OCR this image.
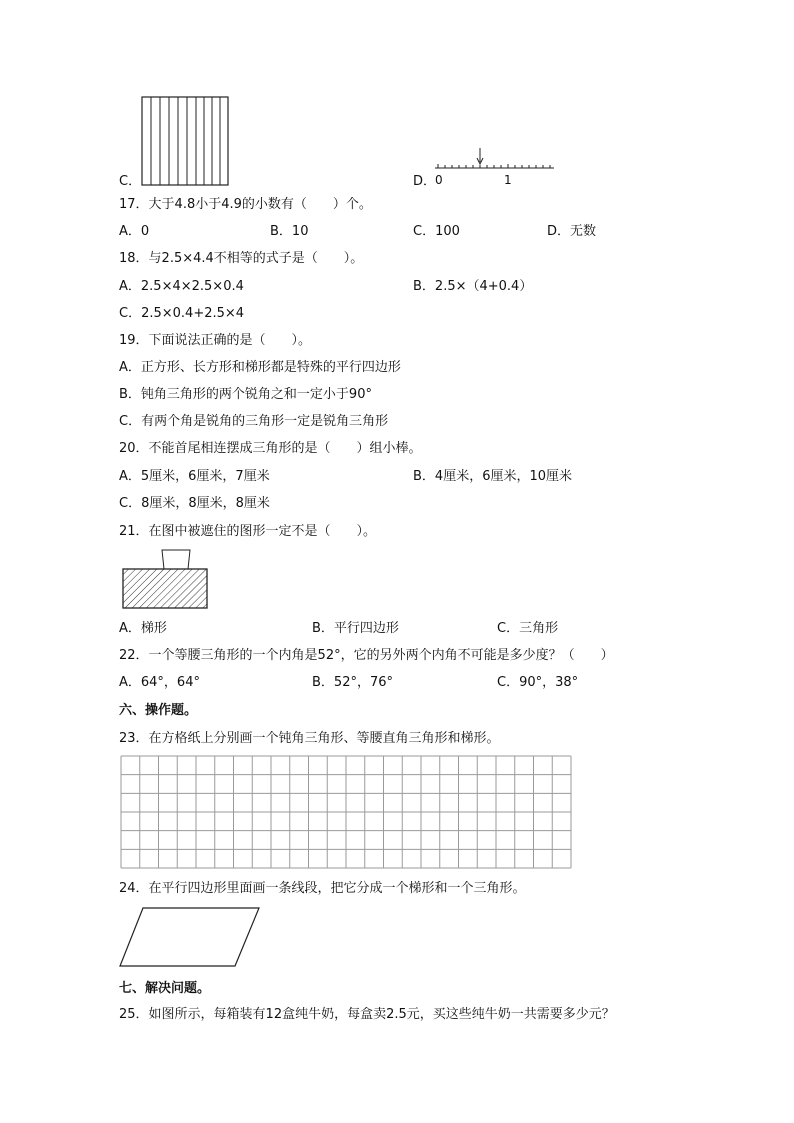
C．	D．
0	1
17．大于4.8小于4.9的小数有（　　）个。
A．0	B．10	C．100	D．无数
18．与2.5×4.4不相等的式子是（　　）。
A．2.5×4×2.5×0.4	B．2.5×（4+0.4）
C．2.5×0.4+2.5×4
19．下面说法正确的是（　　）。
A．正方形、长方形和梯形都是特殊的平行四边形
B．钝角三角形的两个锐角之和一定小于90°
C．有两个角是锐角的三角形一定是锐角三角形
20．不能首尾相连摆成三角形的是（　　）组小棒。
A．5厘米，6厘米，7厘米	B．4厘米，6厘米，10厘米
C．8厘米，8厘米，8厘米
21．在图中被遮住的图形一定不是（　　）。
A．梯形	B．平行四边形	C．三角形
22．一个等腰三角形的一个内角是52°，它的另外两个内角不可能是多少度？（　　）
A．64°，64°	B．52°，76°	C．90°，38°
六、操作题。
23．在方格纸上分别画一个钝角三角形、等腰直角三角形和梯形。
24．在平行四边形里面画一条线段，把它分成一个梯形和一个三角形。
七、解决问题。
25．如图所示，每箱装有12盒纯牛奶，每盒卖2.5元，买这些纯牛奶一共需要多少元？
